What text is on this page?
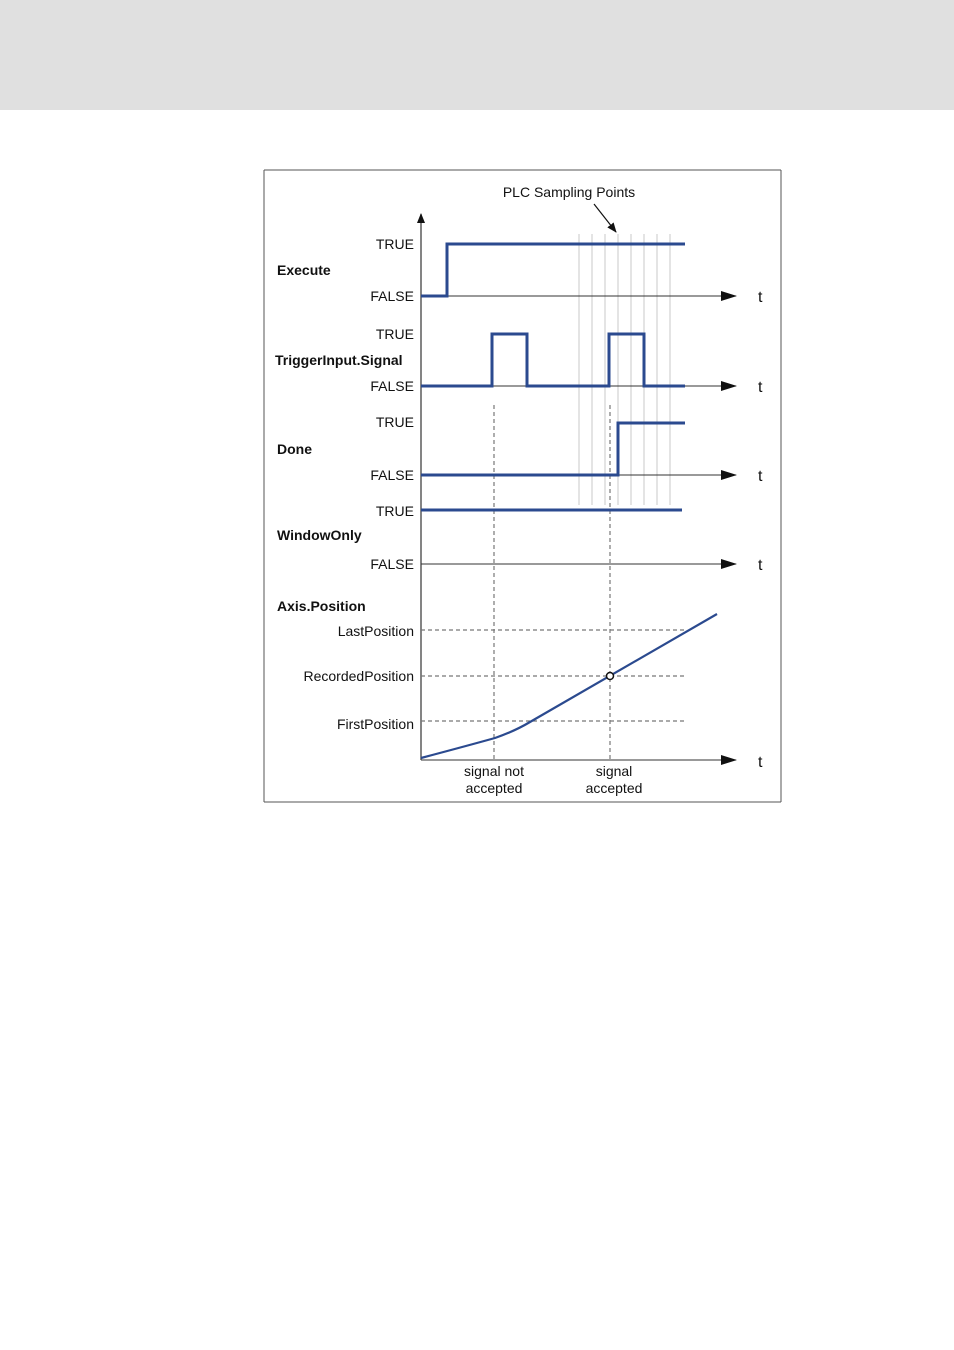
PLC Sampling Points
Execute
TRUE
FALSE	t
TriggerInput.Signal
TRUE
FALSE	t
Done
TRUE
FALSE	t
WindowOnly
TRUE
FALSE	t
Axis.Position
LastPosition
RecordedPosition
FirstPosition
t
signal not
accepted
signal
accepted
